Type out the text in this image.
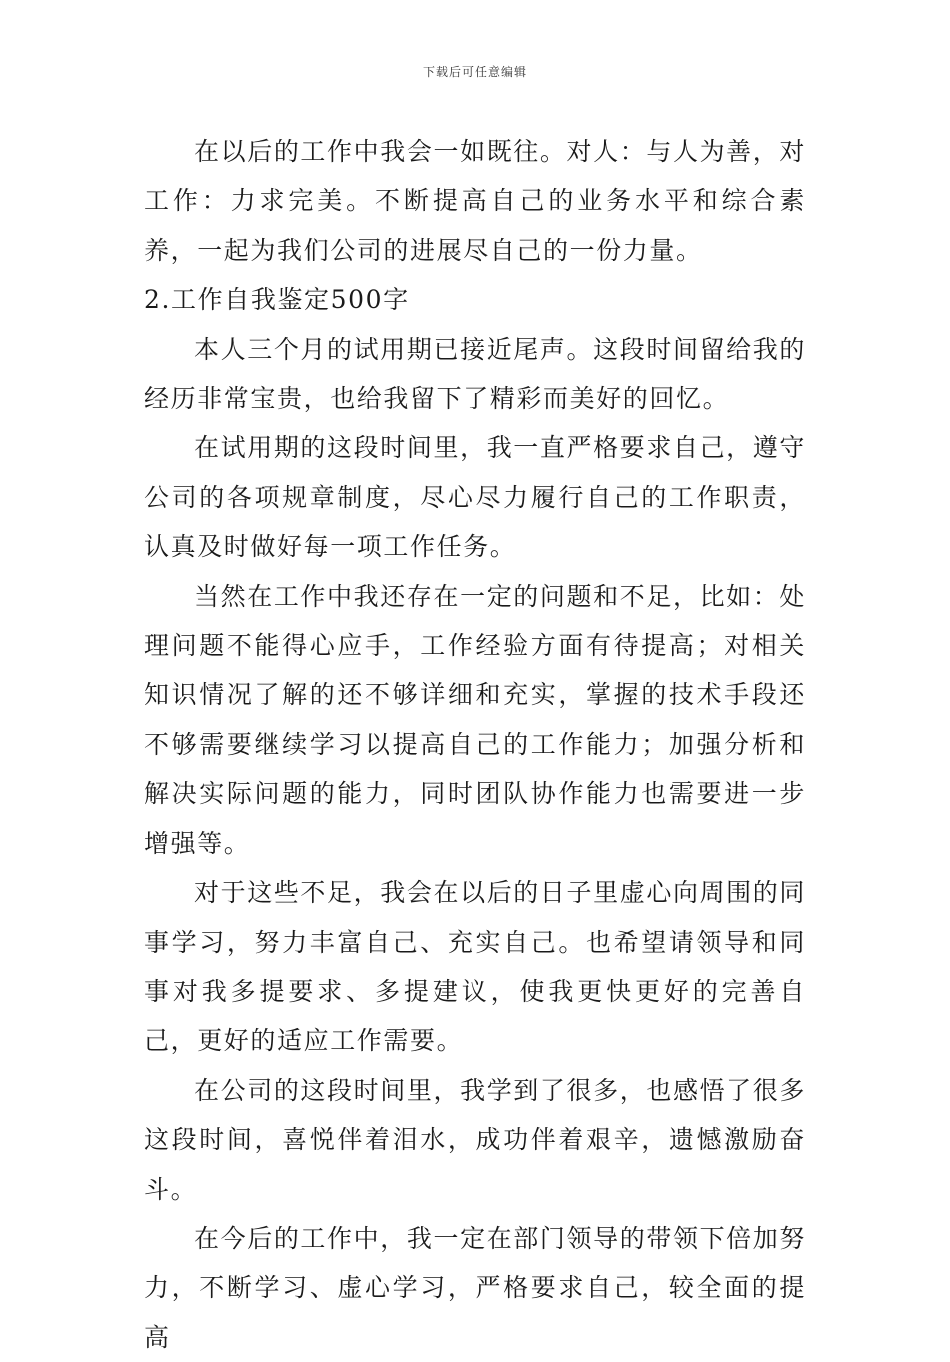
下载后可任意编辑

在以后的工作中我会一如既往。对人：与人为善，对工作：力求完美。不断提高自己的业务水平和综合素养，一起为我们公司的进展尽自己的一份力量。

2.工作自我鉴定500字

本人三个月的试用期已接近尾声。这段时间留给我的经历非常宝贵，也给我留下了精彩而美好的回忆。

在试用期的这段时间里，我一直严格要求自己，遵守公司的各项规章制度，尽心尽力履行自己的工作职责，认真及时做好每一项工作任务。

当然在工作中我还存在一定的问题和不足，比如：处理问题不能得心应手，工作经验方面有待提高；对相关知识情况了解的还不够详细和充实，掌握的技术手段还不够需要继续学习以提高自己的工作能力；加强分析和解决实际问题的能力，同时团队协作能力也需要进一步增强等。

对于这些不足，我会在以后的日子里虚心向周围的同事学习，努力丰富自己、充实自己。也希望请领导和同事对我多提要求、多提建议，使我更快更好的完善自己，更好的适应工作需要。

在公司的这段时间里，我学到了很多，也感悟了很多这段时间，喜悦伴着泪水，成功伴着艰辛，遗憾激励奋斗。

在今后的工作中，我一定在部门领导的带领下倍加努力，不断学习、虚心学习，严格要求自己，较全面的提高
